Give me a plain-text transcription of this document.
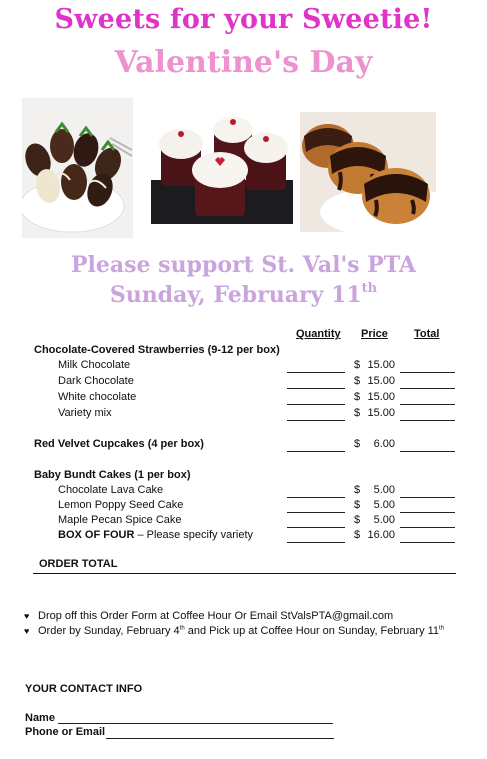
Sweets for your Sweetie!
Valentine's Day
Please support St. Val's PTA
Sunday, February 11th
Quantity Price Total
Chocolate-Covered Strawberries (9-12 per box)
Milk Chocolate	$ 15.00
Dark Chocolate	$ 15.00
White chocolate	$ 15.00
Variety mix	$ 15.00
Red Velvet Cupcakes (4 per box)	$ 6.00
Baby Bundt Cakes (1 per box)
Chocolate Lava Cake	$ 5.00
Lemon Poppy Seed Cake	$ 5.00
Maple Pecan Spice Cake	$ 5.00
BOX OF FOUR – Please specify variety	$ 16.00
ORDER TOTAL
♥ Drop off this Order Form at Coffee Hour Or Email StValsPTA@gmail.com
♥ Order by Sunday, February 4th and Pick up at Coffee Hour on Sunday, February 11th
YOUR CONTACT INFO
Name
Phone or Email
